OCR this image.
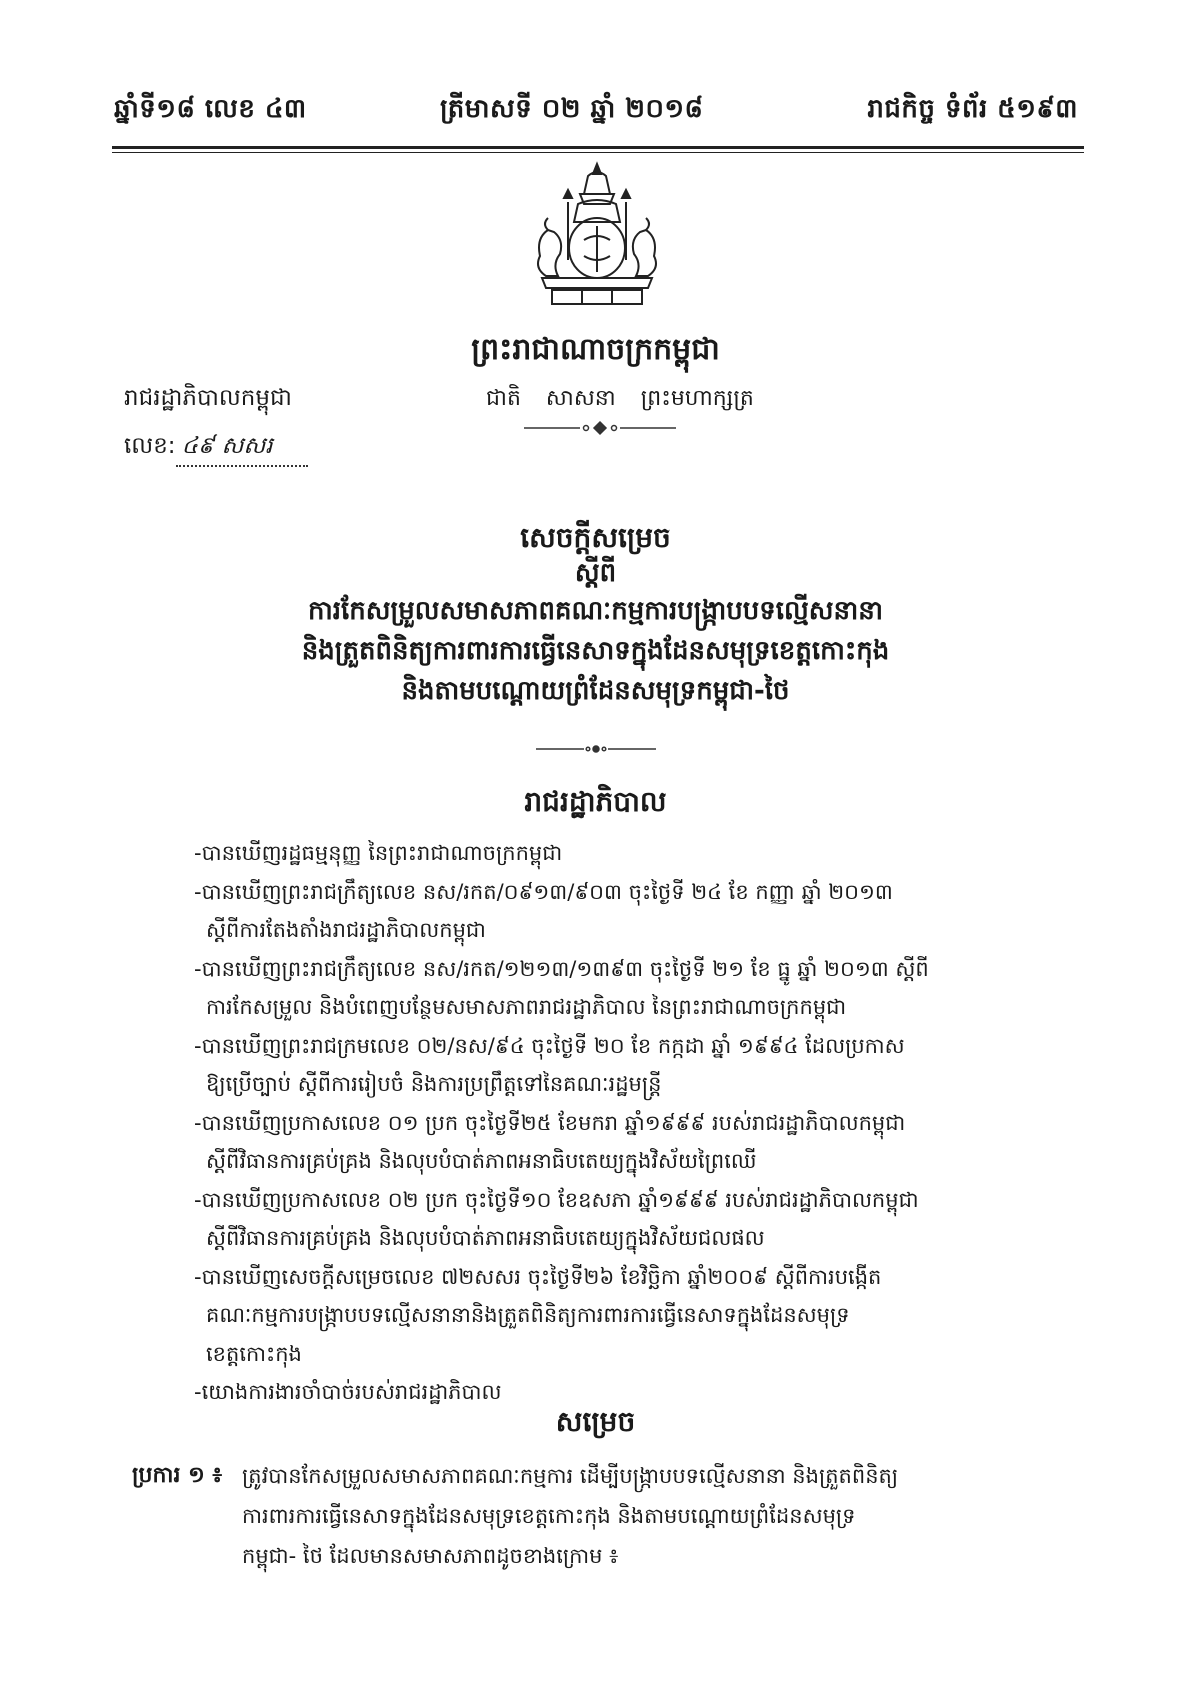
ឆ្នាំទី១៨ លេខ ៤៣	ត្រីមាសទី ០២ ឆ្នាំ ២០១៨	រាជកិច្ច ទំព័រ ៥១៩៣
ព្រះរាជាណាចក្រកម្ពុជា
រាជរដ្ឋាភិបាលកម្ពុជា	ជាតិ សាសនា ព្រះមហាក្សត្រ
លេខ: ៤៩ សសរ
សេចក្តីសម្រេច
ស្តីពី
ការកែសម្រួលសមាសភាពគណៈកម្មការបង្ក្រាបបទល្មើសនានា
និងត្រួតពិនិត្យការពារការធ្វើនេសាទក្នុងដែនសមុទ្រខេត្តកោះកុង
និងតាមបណ្តោយព្រំដែនសមុទ្រកម្ពុជា-ថៃ
រាជរដ្ឋាភិបាល
-បានឃើញរដ្ឋធម្មនុញ្ញ នៃព្រះរាជាណាចក្រកម្ពុជា
-បានឃើញព្រះរាជក្រឹត្យលេខ នស/រកត/០៩១៣/៩០៣ ចុះថ្ងៃទី ២៤ ខែ កញ្ញា ឆ្នាំ ២០១៣
ស្តីពីការតែងតាំងរាជរដ្ឋាភិបាលកម្ពុជា
-បានឃើញព្រះរាជក្រឹត្យលេខ នស/រកត/១២១៣/១៣៩៣ ចុះថ្ងៃទី ២១ ខែ ធ្នូ ឆ្នាំ ២០១៣ ស្តីពី
ការកែសម្រួល និងបំពេញបន្ថែមសមាសភាពរាជរដ្ឋាភិបាល នៃព្រះរាជាណាចក្រកម្ពុជា
-បានឃើញព្រះរាជក្រមលេខ ០២/នស/៩៤ ចុះថ្ងៃទី ២០ ខែ កក្កដា ឆ្នាំ ១៩៩៤ ដែលប្រកាស
ឱ្យប្រើច្បាប់ ស្តីពីការរៀបចំ និងការប្រព្រឹត្តទៅនៃគណៈរដ្ឋមន្ត្រី
-បានឃើញប្រកាសលេខ ០១ ប្រក ចុះថ្ងៃទី២៥ ខែមករា ឆ្នាំ១៩៩៩ របស់រាជរដ្ឋាភិបាលកម្ពុជា
ស្តីពីវិធានការគ្រប់គ្រង និងលុបបំបាត់ភាពអនាធិបតេយ្យក្នុងវិស័យព្រៃឈើ
-បានឃើញប្រកាសលេខ ០២ ប្រក ចុះថ្ងៃទី១០ ខែឧសភា ឆ្នាំ១៩៩៩ របស់រាជរដ្ឋាភិបាលកម្ពុជា
ស្តីពីវិធានការគ្រប់គ្រង និងលុបបំបាត់ភាពអនាធិបតេយ្យក្នុងវិស័យជលផល
-បានឃើញសេចក្តីសម្រេចលេខ ៧២សសរ ចុះថ្ងៃទី២៦ ខែវិច្ឆិកា ឆ្នាំ២០០៩ ស្តីពីការបង្កើត
គណៈកម្មការបង្ក្រាបបទល្មើសនានានិងត្រួតពិនិត្យការពារការធ្វើនេសាទក្នុងដែនសមុទ្រ
ខេត្តកោះកុង
-យោងការងារចាំបាច់របស់រាជរដ្ឋាភិបាល
សម្រេច
ប្រការ ១ ៖ ត្រូវបានកែសម្រួលសមាសភាពគណៈកម្មការ ដើម្បីបង្ក្រាបបទល្មើសនានា និងត្រួតពិនិត្យ
ការពារការធ្វើនេសាទក្នុងដែនសមុទ្រខេត្តកោះកុង និងតាមបណ្តោយព្រំដែនសមុទ្រ
កម្ពុជា- ថៃ ដែលមានសមាសភាពដូចខាងក្រោម ៖
